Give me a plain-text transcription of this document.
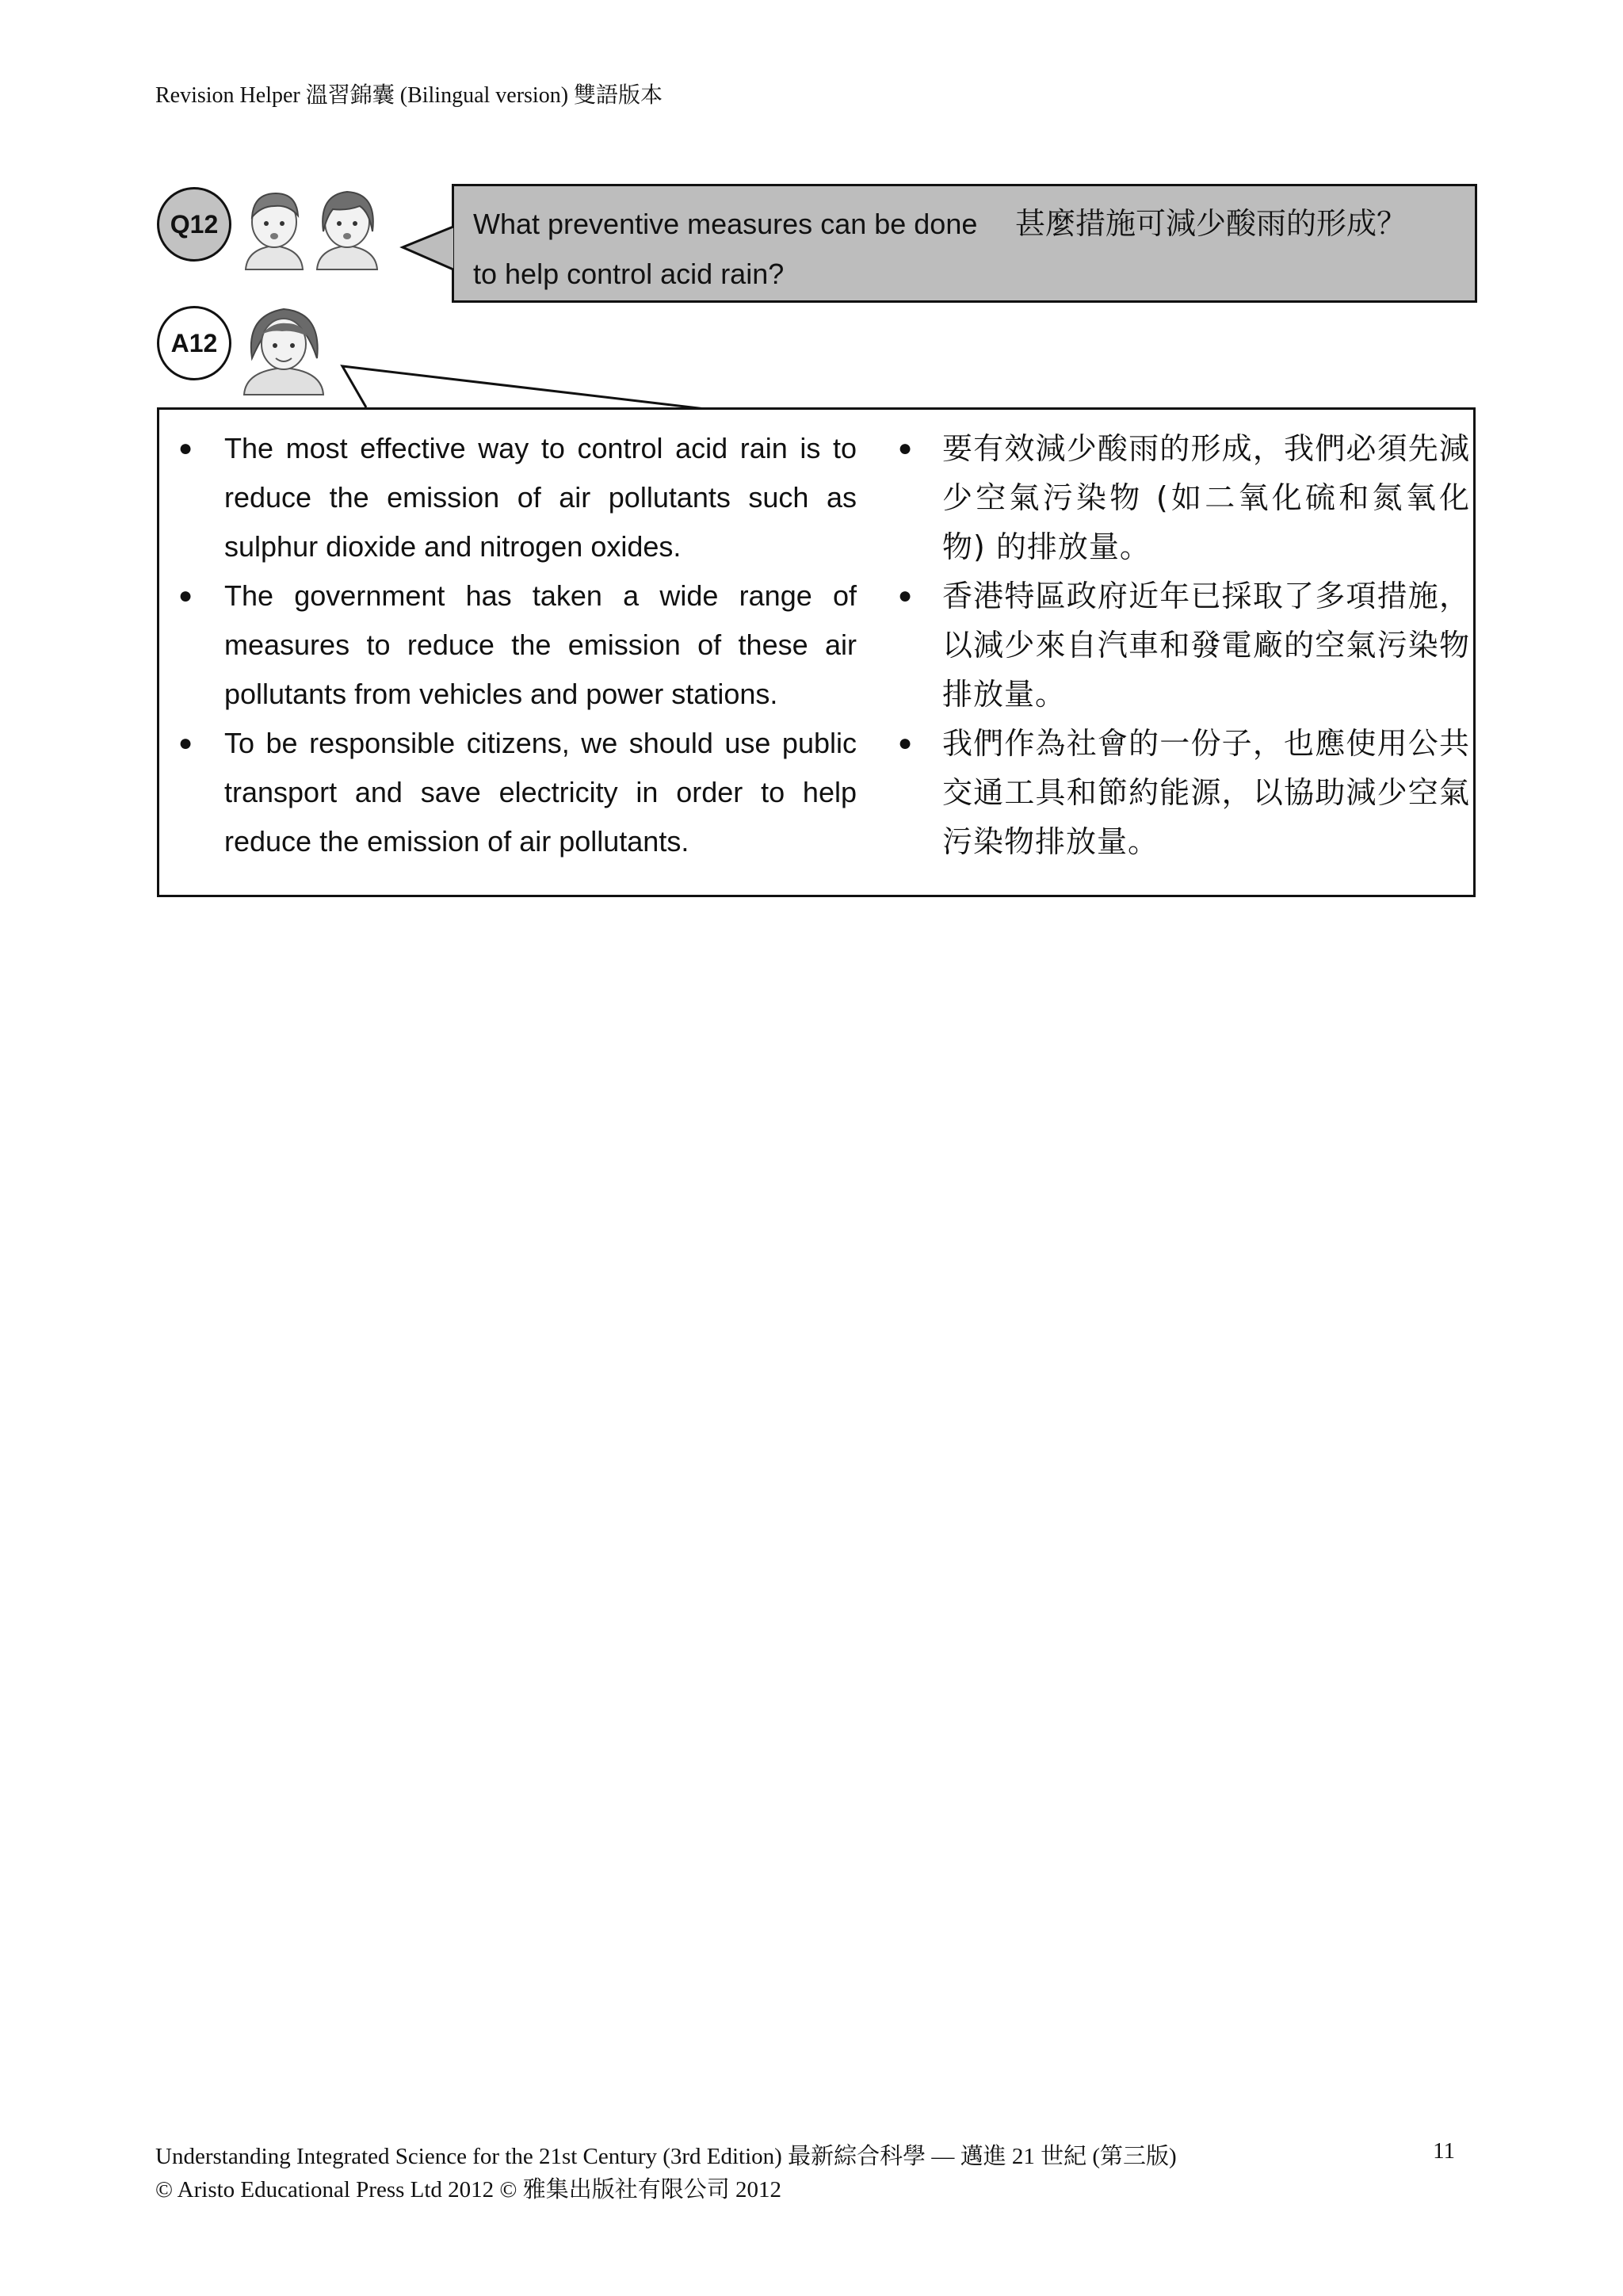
Revision Helper 溫習錦囊 (Bilingual version) 雙語版本
Q12	What preventive measures can be done to help control acid rain?
甚麼措施可減少酸雨的形成？
A12
● The most effective way to control acid rain is to reduce the emission of air pollutants such as sulphur dioxide and nitrogen oxides.
● The government has taken a wide range of measures to reduce the emission of these air pollutants from vehicles and power stations.
● To be responsible citizens, we should use public transport and save electricity in order to help reduce the emission of air pollutants.
● 要有效減少酸雨的形成，我們必須先減少空氣污染物 (如二氧化硫和氮氧化物) 的排放量。
● 香港特區政府近年已採取了多項措施，以減少來自汽車和發電廠的空氣污染物排放量。
● 我們作為社會的一份子，也應使用公共交通工具和節約能源，以協助減少空氣污染物排放量。
Understanding Integrated Science for the 21st Century (3rd Edition) 最新綜合科學 — 邁進 21 世紀 (第三版)	11
© Aristo Educational Press Ltd 2012 © 雅集出版社有限公司 2012
